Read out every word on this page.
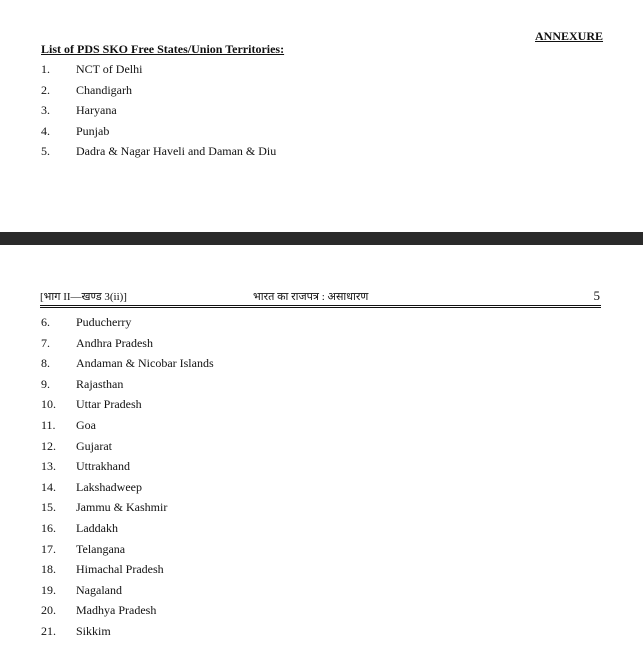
ANNEXURE
List of PDS SKO Free States/Union Territories:
1. NCT of Delhi
2. Chandigarh
3. Haryana
4. Punjab
5. Dadra & Nagar Haveli and Daman & Diu
[भाग II—खण्ड 3(ii)]	भारत का राजपत्र : असाधारण	5
6. Puducherry
7. Andhra Pradesh
8. Andaman & Nicobar Islands
9. Rajasthan
10. Uttar Pradesh
11. Goa
12. Gujarat
13. Uttrakhand
14. Lakshadweep
15. Jammu & Kashmir
16. Laddakh
17. Telangana
18. Himachal Pradesh
19. Nagaland
20. Madhya Pradesh
21. Sikkim
